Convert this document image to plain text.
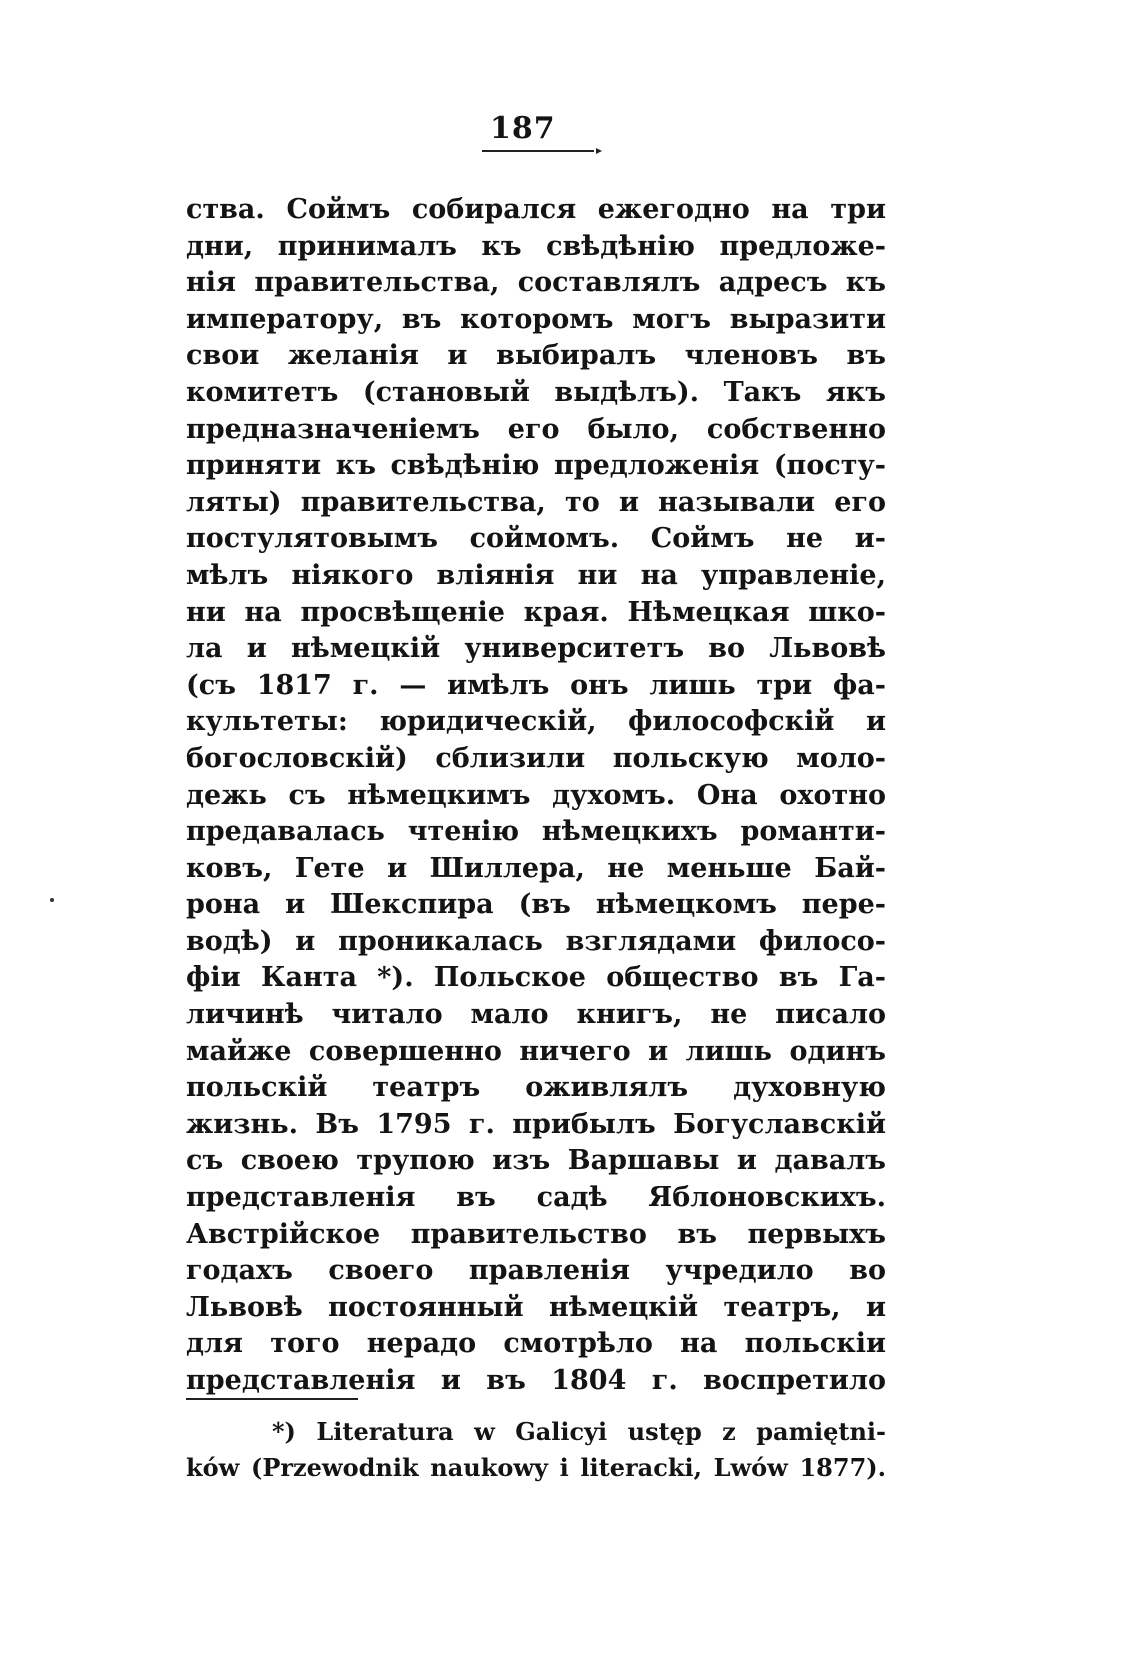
187
ства. Соймъ собирался ежегодно на три
дни, принималъ къ свѣдѣнію предложе-
нія правительства, составлялъ адресъ къ
императору, въ которомъ могъ выразити
свои желанія и выбиралъ членовъ въ
комитетъ (становый выдѣлъ). Такъ якъ
предназначеніемъ его было, собственно
приняти къ свѣдѣнію предложенія (посту-
ляты) правительства, то и называли его
постулятовымъ соймомъ. Соймъ не и-
мѣлъ ніякого вліянія ни на управленіе,
ни на просвѣщеніе края. Нѣмецкая шко-
ла и нѣмецкій университетъ во Львовѣ
(съ 1817 г. — имѣлъ онъ лишь три фа-
культеты: юридическій, философскій и
богословскій) сблизили польскую моло-
дежь съ нѣмецкимъ духомъ. Она охотно
предавалась чтенію нѣмецкихъ романти-
ковъ, Гете и Шиллера, не меньше Бай-
рона и Шекспира (въ нѣмецкомъ пере-
водѣ) и проникалась взглядами филосо-
фіи Канта *). Польское общество въ Га-
личинѣ читало мало книгъ, не писало
майже совершенно ничего и лишь одинъ
польскій театръ оживлялъ духовную
жизнь. Въ 1795 г. прибылъ Богуславскій
съ своею трупою изъ Варшавы и давалъ
представленія въ садѣ Яблоновскихъ.
Австрійское правительство въ первыхъ
годахъ своего правленія учредило во
Львовѣ постоянный нѣмецкій театръ, и
для того нерадо смотрѣло на польскіи
представленія и въ 1804 г. воспретило
*) Literatura w Galicyi ustęp z pamiętni-
ków (Przewodnik naukowy i literacki, Lwów 1877).
